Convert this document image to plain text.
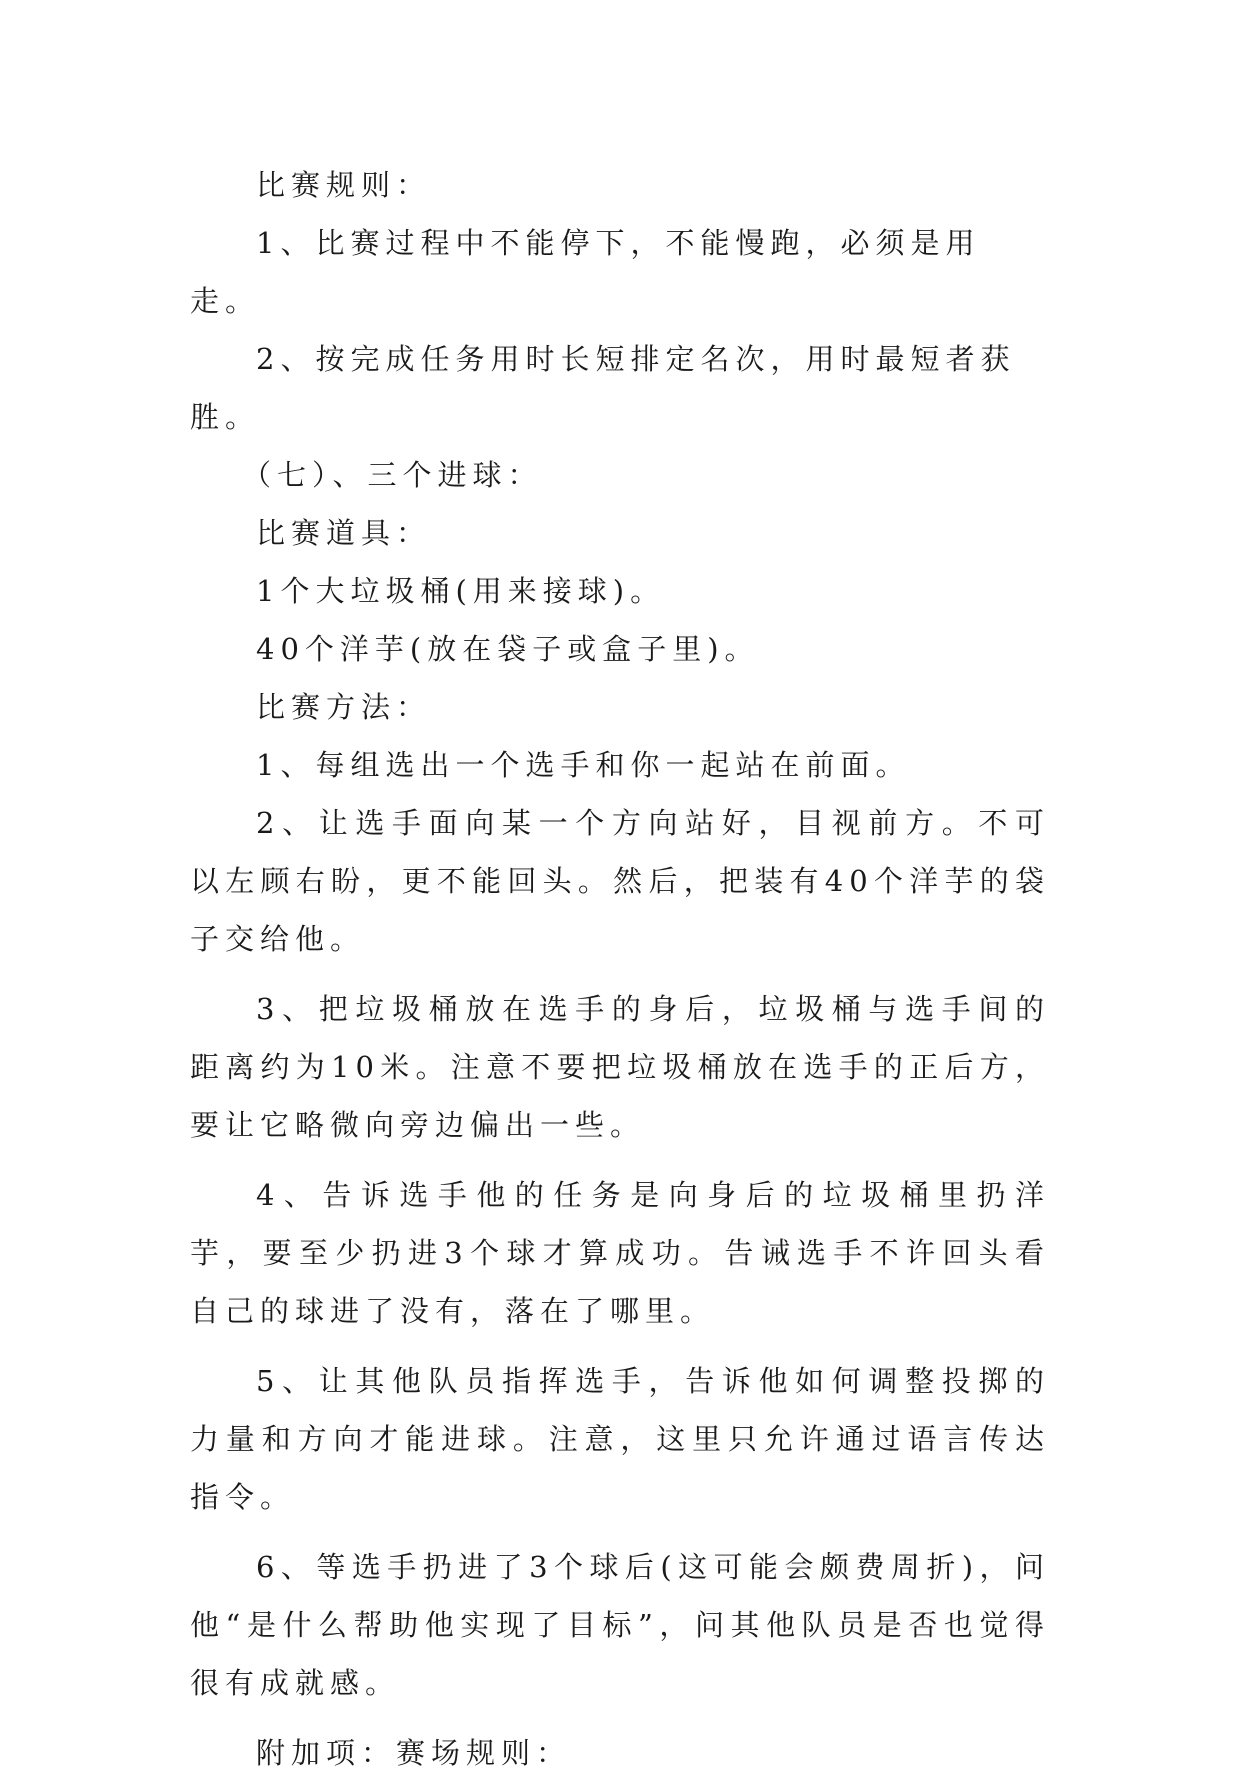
比赛规则：

1、比赛过程中不能停下，不能慢跑，必须是用走。

2、按完成任务用时长短排定名次，用时最短者获胜。

（七）、三个进球：

比赛道具：

1个大垃圾桶(用来接球)。

40个洋芋(放在袋子或盒子里)。

比赛方法：

1、每组选出一个选手和你一起站在前面。

2、让选手面向某一个方向站好，目视前方。不可以左顾右盼，更不能回头。然后，把装有40个洋芋的袋子交给他。

3、把垃圾桶放在选手的身后，垃圾桶与选手间的距离约为10米。注意不要把垃圾桶放在选手的正后方，要让它略微向旁边偏出一些。

4、告诉选手他的任务是向身后的垃圾桶里扔洋芋，要至少扔进3个球才算成功。告诫选手不许回头看自己的球进了没有，落在了哪里。

5、让其他队员指挥选手，告诉他如何调整投掷的力量和方向才能进球。注意，这里只允许通过语言传达指令。

6、等选手扔进了3个球后(这可能会颇费周折)，问他“是什么帮助他实现了目标”，问其他队员是否也觉得很有成就感。

附加项：赛场规则：
